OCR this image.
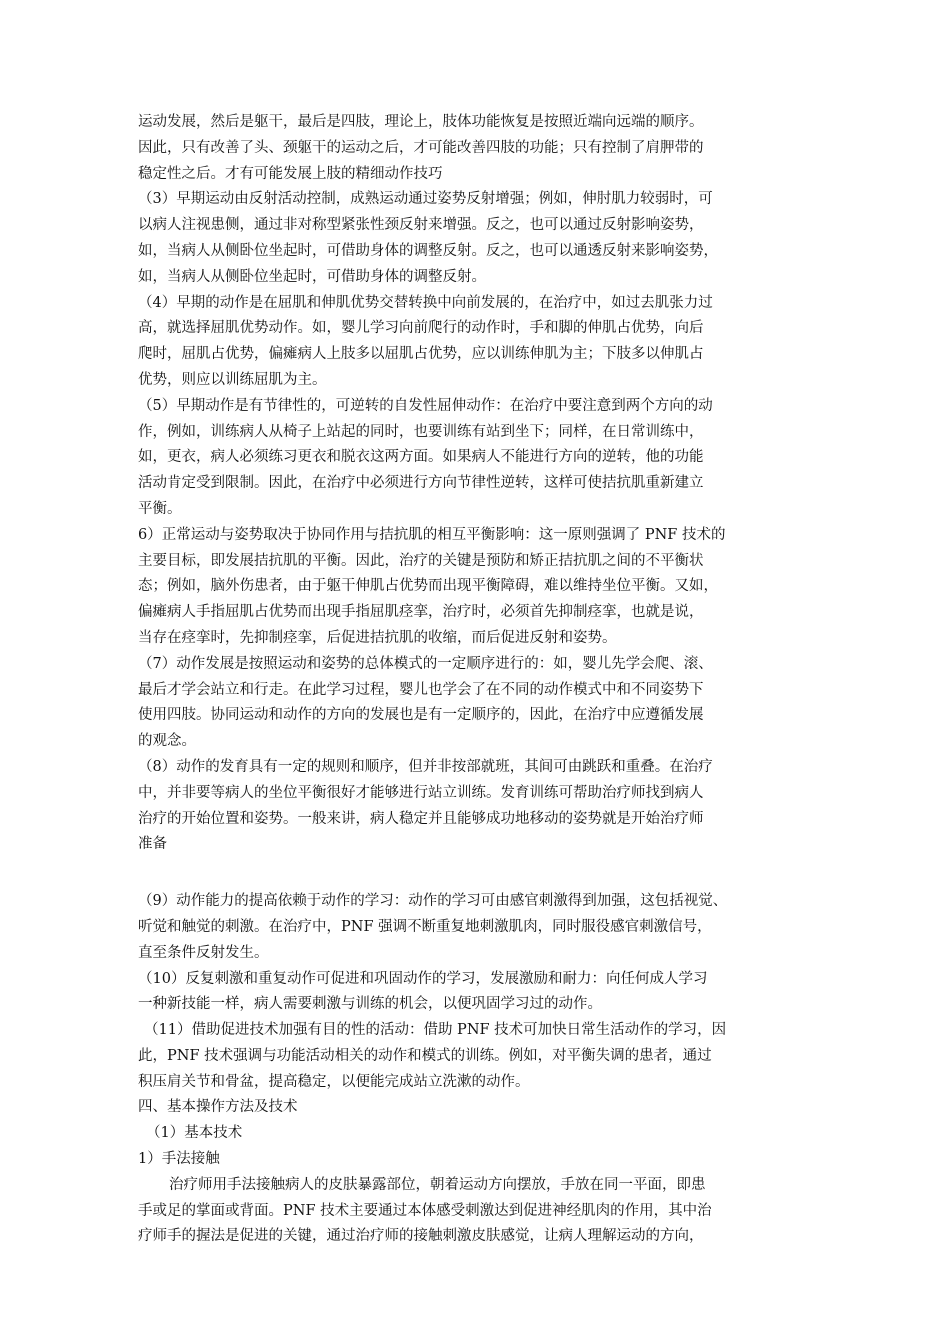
运动发展，然后是躯干，最后是四肢，理论上，肢体功能恢复是按照近端向远端的顺序。
因此，只有改善了头、颈躯干的运动之后，才可能改善四肢的功能；只有控制了肩胛带的
稳定性之后。才有可能发展上肢的精细动作技巧
（3）早期运动由反射活动控制，成熟运动通过姿势反射增强；例如，伸肘肌力较弱时，可
以病人注视患侧，通过非对称型紧张性颈反射来增强。反之，也可以通过反射影响姿势，
如，当病人从侧卧位坐起时，可借助身体的调整反射。反之，也可以通透反射来影响姿势，
如，当病人从侧卧位坐起时，可借助身体的调整反射。
（4）早期的动作是在屈肌和伸肌优势交替转换中向前发展的，在治疗中，如过去肌张力过
高，就选择屈肌优势动作。如，婴儿学习向前爬行的动作时，手和脚的伸肌占优势，向后
爬时，屈肌占优势，偏瘫病人上肢多以屈肌占优势，应以训练伸肌为主；下肢多以伸肌占
优势，则应以训练屈肌为主。
（5）早期动作是有节律性的，可逆转的自发性屈伸动作：在治疗中要注意到两个方向的动
作，例如，训练病人从椅子上站起的同时，也要训练有站到坐下；同样，在日常训练中，
如，更衣，病人必须练习更衣和脱衣这两方面。如果病人不能进行方向的逆转，他的功能
活动肯定受到限制。因此，在治疗中必须进行方向节律性逆转，这样可使拮抗肌重新建立
平衡。
6）正常运动与姿势取决于协同作用与拮抗肌的相互平衡影响：这一原则强调了 PNF 技术的
主要目标，即发展拮抗肌的平衡。因此，治疗的关键是预防和矫正拮抗肌之间的不平衡状
态；例如，脑外伤患者，由于躯干伸肌占优势而出现平衡障碍，难以维持坐位平衡。又如，
偏瘫病人手指屈肌占优势而出现手指屈肌痉挛，治疗时，必须首先抑制痉挛，也就是说，
当存在痉挛时，先抑制痉挛，后促进拮抗肌的收缩，而后促进反射和姿势。
（7）动作发展是按照运动和姿势的总体模式的一定顺序进行的：如，婴儿先学会爬、滚、
最后才学会站立和行走。在此学习过程，婴儿也学会了在不同的动作模式中和不同姿势下
使用四肢。协同运动和动作的方向的发展也是有一定顺序的，因此，在治疗中应遵循发展
的观念。
（8）动作的发育具有一定的规则和顺序，但并非按部就班，其间可由跳跃和重叠。在治疗
中，并非要等病人的坐位平衡很好才能够进行站立训练。发育训练可帮助治疗师找到病人
治疗的开始位置和姿势。一般来讲，病人稳定并且能够成功地移动的姿势就是开始治疗师
准备
（9）动作能力的提高依赖于动作的学习：动作的学习可由感官刺激得到加强，这包括视觉、
听觉和触觉的刺激。在治疗中，PNF 强调不断重复地刺激肌肉，同时服役感官刺激信号，
直至条件反射发生。
（10）反复刺激和重复动作可促进和巩固动作的学习，发展激励和耐力：向任何成人学习
一种新技能一样，病人需要刺激与训练的机会，以便巩固学习过的动作。
（11）借助促进技术加强有目的性的活动：借助 PNF 技术可加快日常生活动作的学习，因
此，PNF 技术强调与功能活动相关的动作和模式的训练。例如，对平衡失调的患者，通过
积压肩关节和骨盆，提高稳定，以便能完成站立洗漱的动作。
四、基本操作方法及技术
（1）基本技术
1）手法接触
治疗师用手法接触病人的皮肤暴露部位，朝着运动方向摆放，手放在同一平面，即患
手或足的掌面或背面。PNF 技术主要通过本体感受刺激达到促进神经肌肉的作用，其中治
疗师手的握法是促进的关键，通过治疗师的接触刺激皮肤感觉，让病人理解运动的方向，
